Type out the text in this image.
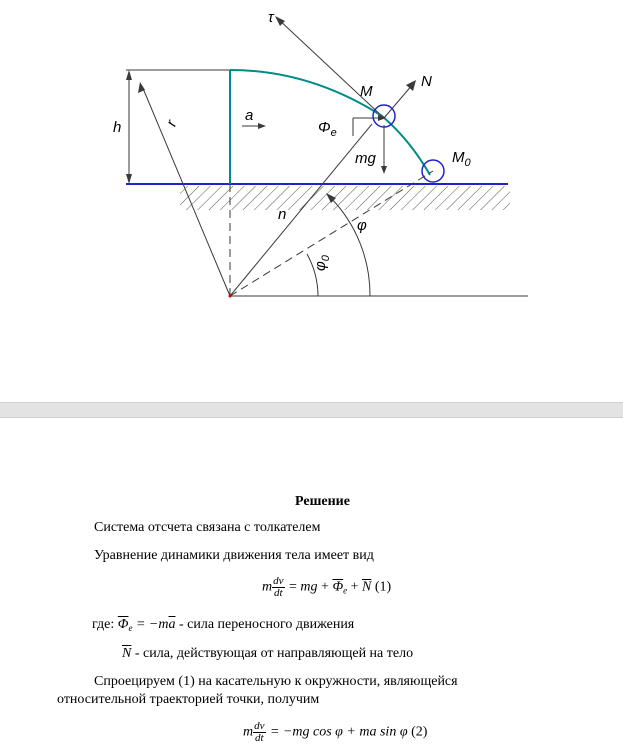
h	r	a
n
φ
$\varphi_0$
τ
N
$\Phi_e$
mg
M
$M_0$
Решение
Система отсчета связана с толкателем
Уравнение динамики движения тела имеет вид
m $\frac{dv}{dt}$ = mg + $\overline{\Phi}_e + \overline{N}$ (1)
где: $\overline{\Phi}_e = -m\overline{a}$ - сила переносного движения
$\overline{N}$ - сила, действующая от направляющей на тело
Спроецируем (1) на касательную к окружности, являющейся
относительной траекторией точки, получим
m $\frac{dv}{dt} = -mg$ cos φ + ma sin φ (2)
